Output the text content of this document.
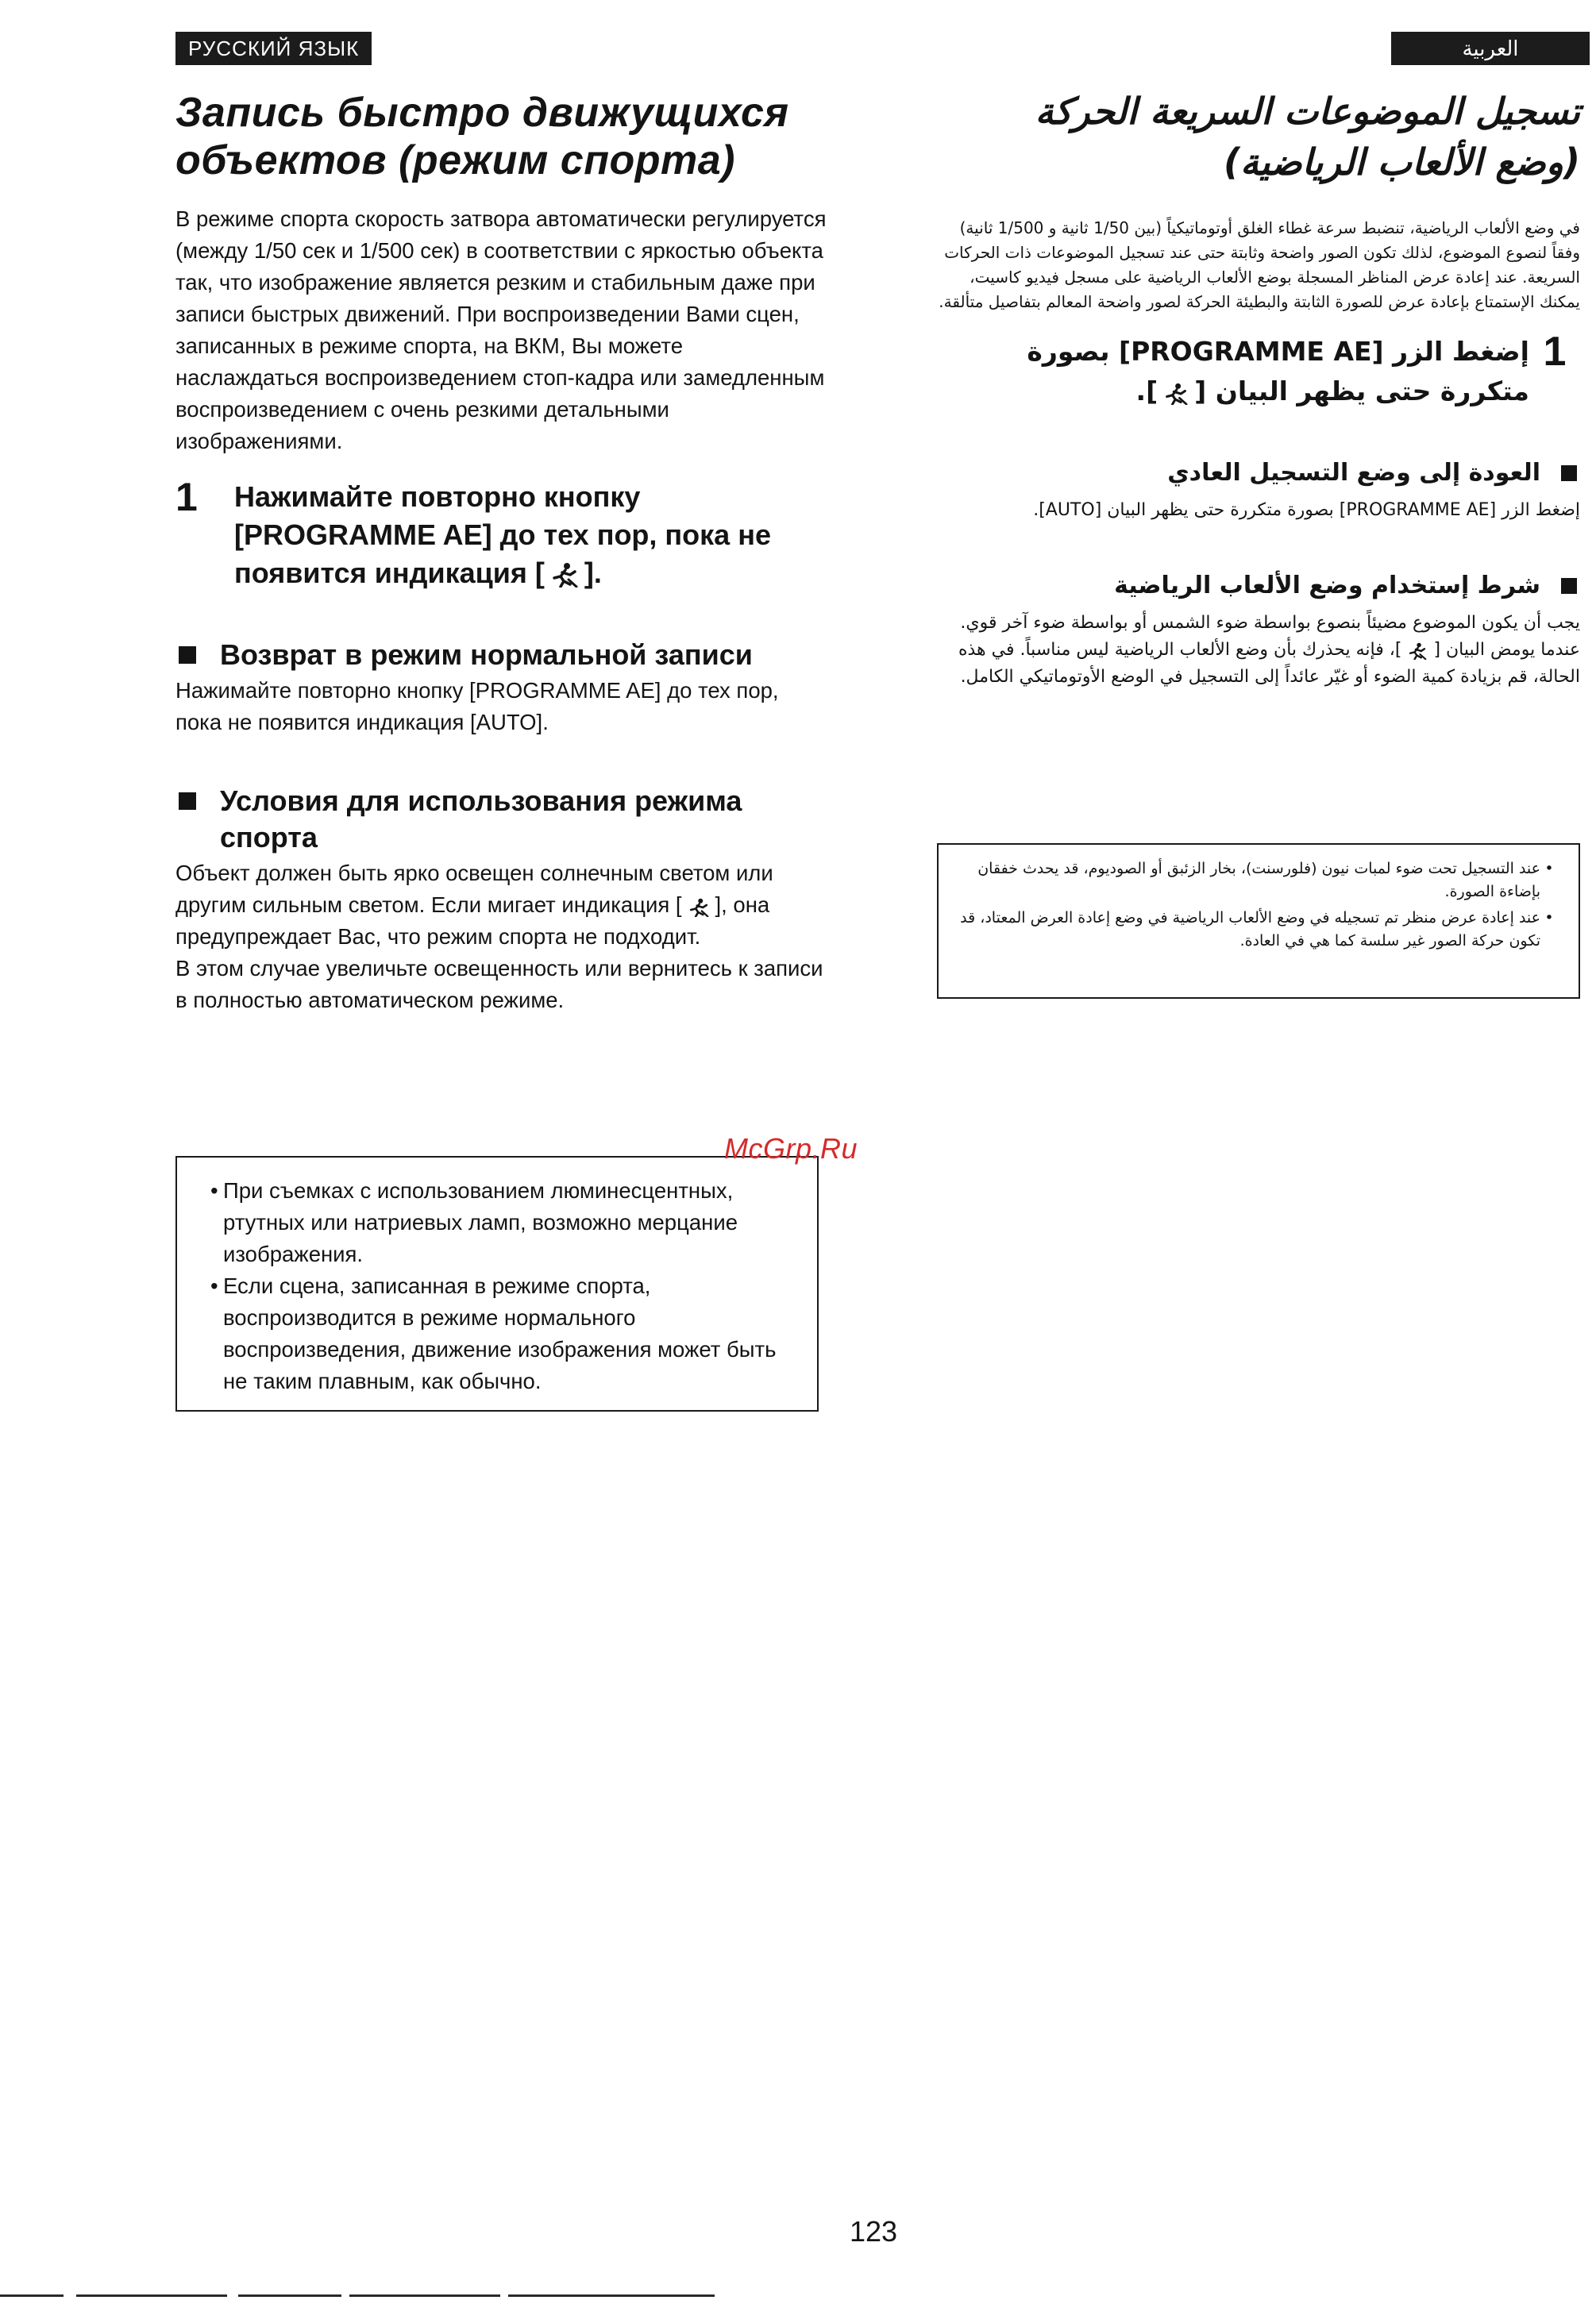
РУССКИЙ ЯЗЫК	العربية
Запись быстро движущихся
объектов (режим спорта)

В режиме спорта скорость затвора автоматически регулируется (между 1/50 сек и 1/500 сек) в соответствии с яркостью объекта так, что изображение является резким и стабильным даже при записи быстрых движений. При воспроизведении Вами сцен, записанных в режиме спорта, на ВКМ, Вы можете наслаждаться воспроизведением стоп-кадра или замедленным воспроизведением с очень резкими детальными изображениями.

1	Нажимайте повторно кнопку [PROGRAMME AE] до тех пор, пока не появится индикация [ ].
Возврат в режим нормальной записи

Нажимайте повторно кнопку [PROGRAMME AE] до тех пор, пока не появится индикация [AUTO].

Условия для использования режима спорта

Объект должен быть ярко освещен солнечным светом или другим сильным светом. Если мигает индикация [ ], она предупреждает Вас, что режим спорта не подходит.
В этом случае увеличьте освещенность или вернитесь к записи в полностью автоматическом режиме.

• При съемках с использованием люминесцентных, ртутных или натриевых ламп, возможно мерцание изображения.
• Если сцена, записанная в режиме спорта, воспроизводится в режиме нормального воспроизведения, движение изображения может быть не таким плавным, как обычно.
تسجيل الموضوعات السريعة الحركة
(وضع الألعاب الرياضية)

في وضع الألعاب الرياضية، تنضبط سرعة غطاء الغلق أوتوماتيكياً (بين 1/50 ثانية و 1/500 ثانية) وفقاً لنصوع الموضوع، لذلك تكون الصور واضحة وثابتة حتى عند تسجيل الموضوعات ذات الحركات السريعة. عند إعادة عرض المناظر المسجلة بوضع الألعاب الرياضية على مسجل فيديو كاسيت، يمكنك الإستمتاع بإعادة عرض للصورة الثابتة والبطيئة الحركة لصور واضحة المعالم بتفاصيل متألقة.

1
إضغط الزر [PROGRAMME AE] بصورة متكررة حتى يظهر البيان [].
العودة إلى وضع التسجيل العادي

إضغط الزر [PROGRAMME AE] بصورة متكررة حتى يظهر البيان [AUTO].

شرط إستخدام وضع الألعاب الرياضية

يجب أن يكون الموضوع مضيئاً بنصوع بواسطة ضوء الشمس أو بواسطة ضوء آخر قوي. عندما يومض البيان []، فإنه يحذرك بأن وضع الألعاب الرياضية ليس مناسباً. في هذه الحالة، قم بزيادة كمية الضوء أو غيّر عائداً إلى التسجيل في الوضع الأوتوماتيكي الكامل.

•
عند التسجيل تحت ضوء لمبات نيون (فلورسنت)، بخار الزئبق أو الصوديوم، قد يحدث خفقان بإضاءة الصورة.
•
عند إعادة عرض منظر تم تسجيله في وضع الألعاب الرياضية في وضع إعادة العرض المعتاد، قد تكون حركة الصور غير سلسة كما هي في العادة.
McGrp.Ru
123
